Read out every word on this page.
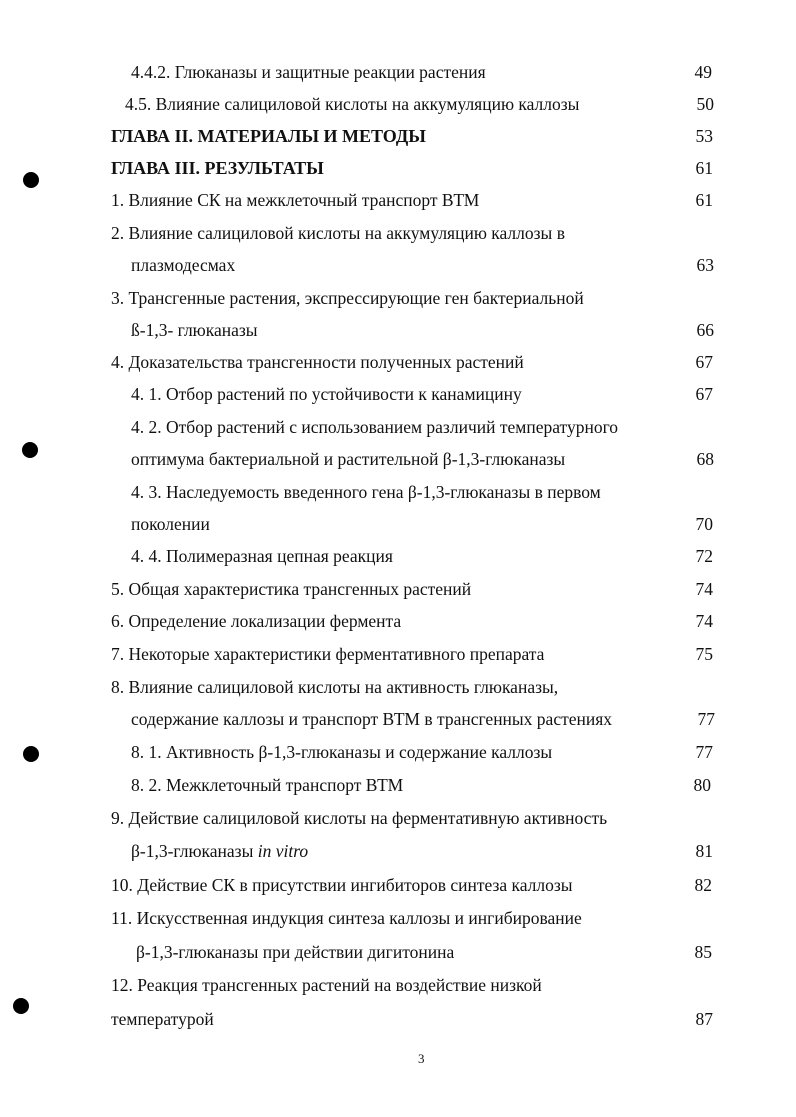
4.4.2. Глюканазы и защитные реакции растения	49
4.5. Влияние салициловой кислоты на аккумуляцию каллозы	50
ГЛАВА II. МАТЕРИАЛЫ И МЕТОДЫ	53
ГЛАВА III. РЕЗУЛЬТАТЫ	61
1. Влияние СК на межклеточный транспорт ВТМ	61
2. Влияние салициловой кислоты на аккумуляцию каллозы в
плазмодесмах	63
3. Трансгенные растения, экспрессирующие ген бактериальной
ß-1,3- глюканазы	66
4. Доказательства трансгенности полученных растений	67
4. 1. Отбор растений по устойчивости к канамицину	67
4. 2. Отбор растений с использованием различий температурного
оптимума бактериальной и растительной β-1,3-глюканазы	68
4. 3. Наследуемость введенного гена β-1,3-глюканазы в первом
поколении	70
4. 4. Полимеразная цепная реакция	72
5. Общая характеристика трансгенных растений	74
6. Определение локализации фермента	74
7. Некоторые характеристики ферментативного препарата	75
8. Влияние салициловой кислоты на активность глюканазы,
содержание каллозы и транспорт ВТМ в трансгенных растениях	77
8. 1. Активность β-1,3-глюканазы и содержание каллозы	77
8. 2. Межклеточный транспорт ВТМ	80
9. Действие салициловой кислоты на ферментативную активность
β-1,3-глюканазы in vitro	81
10. Действие СК в присутствии ингибиторов синтеза каллозы	82
11. Искусственная индукция синтеза каллозы и ингибирование
β-1,3-глюканазы при действии дигитонина	85
12. Реакция трансгенных растений на воздействие низкой
температурой	87
3
